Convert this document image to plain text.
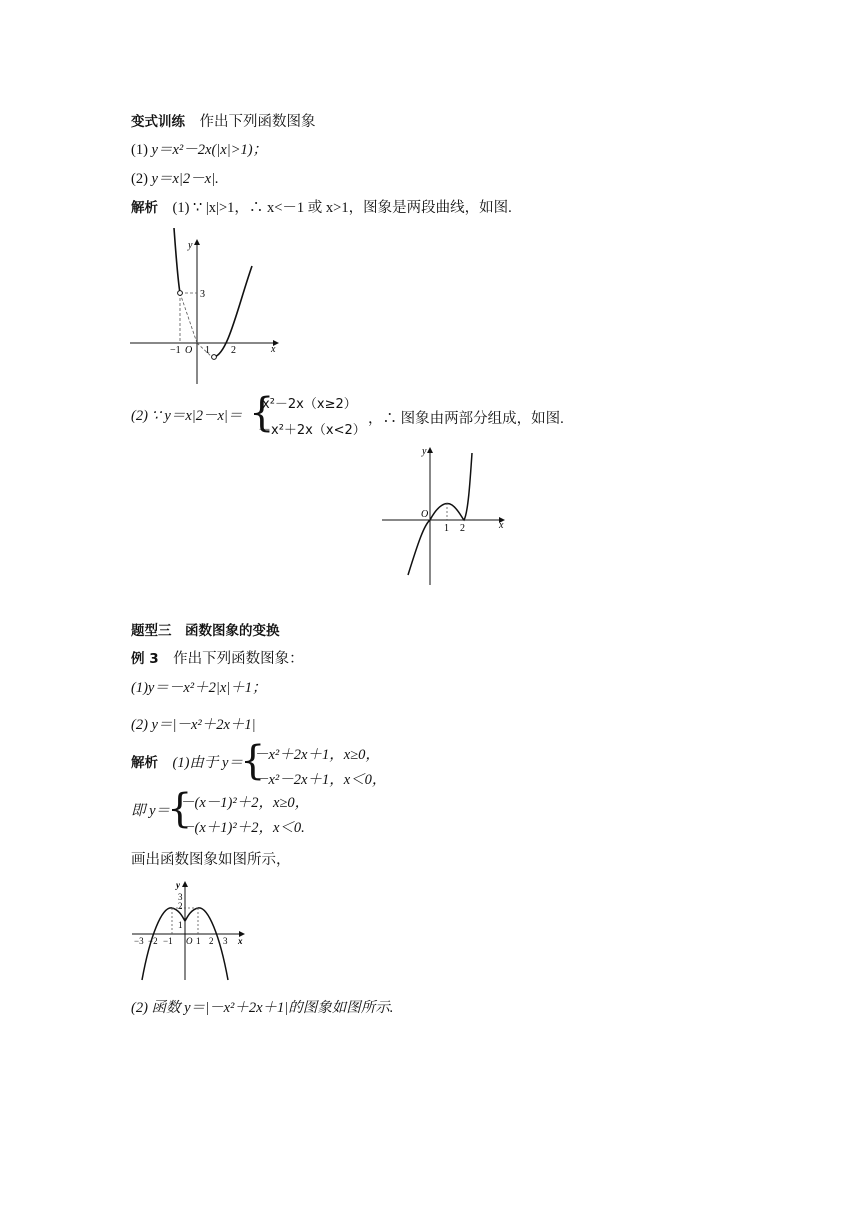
变式训练 作出下列函数图象
(1) y＝x²－2x(|x|>1)；
(2) y＝x|2－x|.
解析 (1) ∵ |x|>1，∴ x<－1 或 x>1，图象是两段曲线，如图.
y
x
O
−1 1 2
3
(2) ∵ y＝x|2－x|＝ {
x²－2x（x≥2）
－x²＋2x（x<2）
，∴ 图象由两部分组成，如图.
y
x
O
1 2
题型三　函数图象的变换
例 3 作出下列函数图象：
(1)y＝－x²＋2|x|＋1；
(2) y＝|－x²＋2x＋1|
解析 (1)由于 y＝
{
－x²＋2x＋1，x≥0，
－x²－2x＋1，x＜0，
即 y＝
{
－(x－1)²＋2，x≥0，
－(x＋1)²＋2，x＜0.
画出函数图象如图所示，
y
x
O
−3 −2 −1	1 2 3
1
2
3
(2) 函数 y＝|－x²＋2x＋1|的图象如图所示.
